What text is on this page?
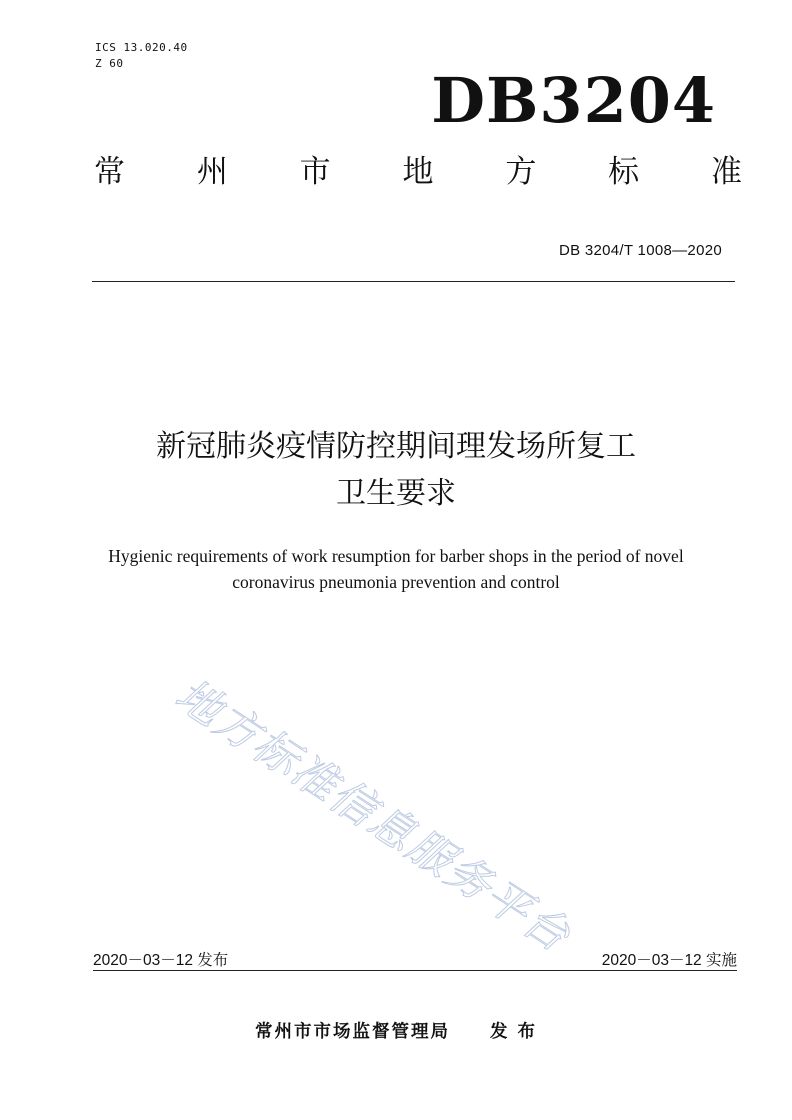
ICS 13.020.40
Z 60
DB3204
常 州 市 地 方 标 准
DB 3204/T 1008—2020
新冠肺炎疫情防控期间理发场所复工
卫生要求
Hygienic requirements of work resumption for barber shops in the period of novel
coronavirus pneumonia prevention and control
地方标准信息服务平台
2020－03－12 发布	2020－03－12 实施
常州市市场监督管理局 发 布
